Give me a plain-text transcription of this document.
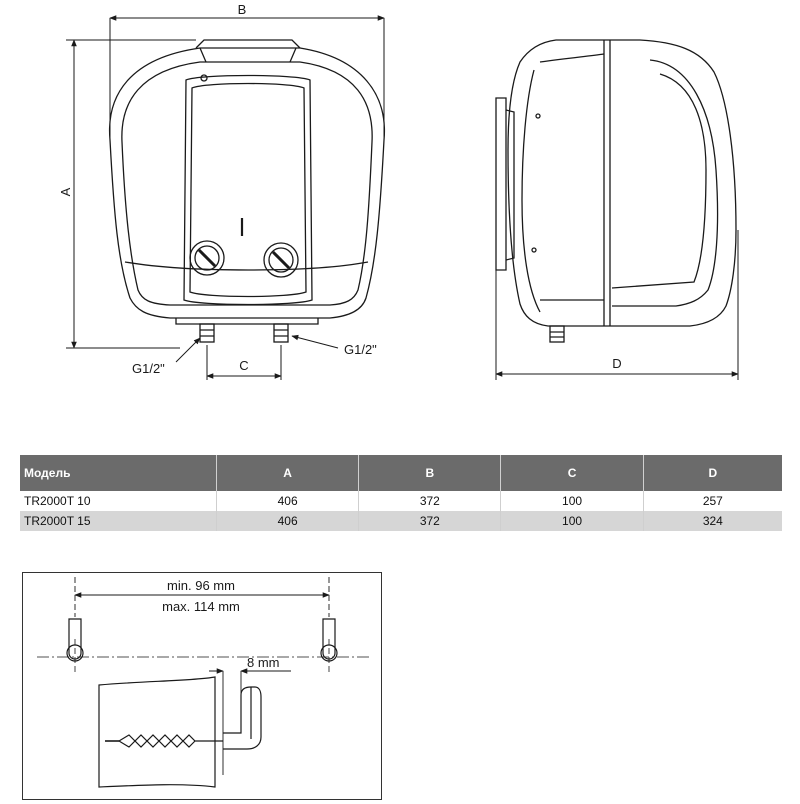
B
A
C
G1/2"
G1/2"
D
Модель	A	B	C	D
TR2000T 10	406	372	100	257
TR2000T 15	406	372	100	324
min. 96 mm
max. 114 mm
8 mm
